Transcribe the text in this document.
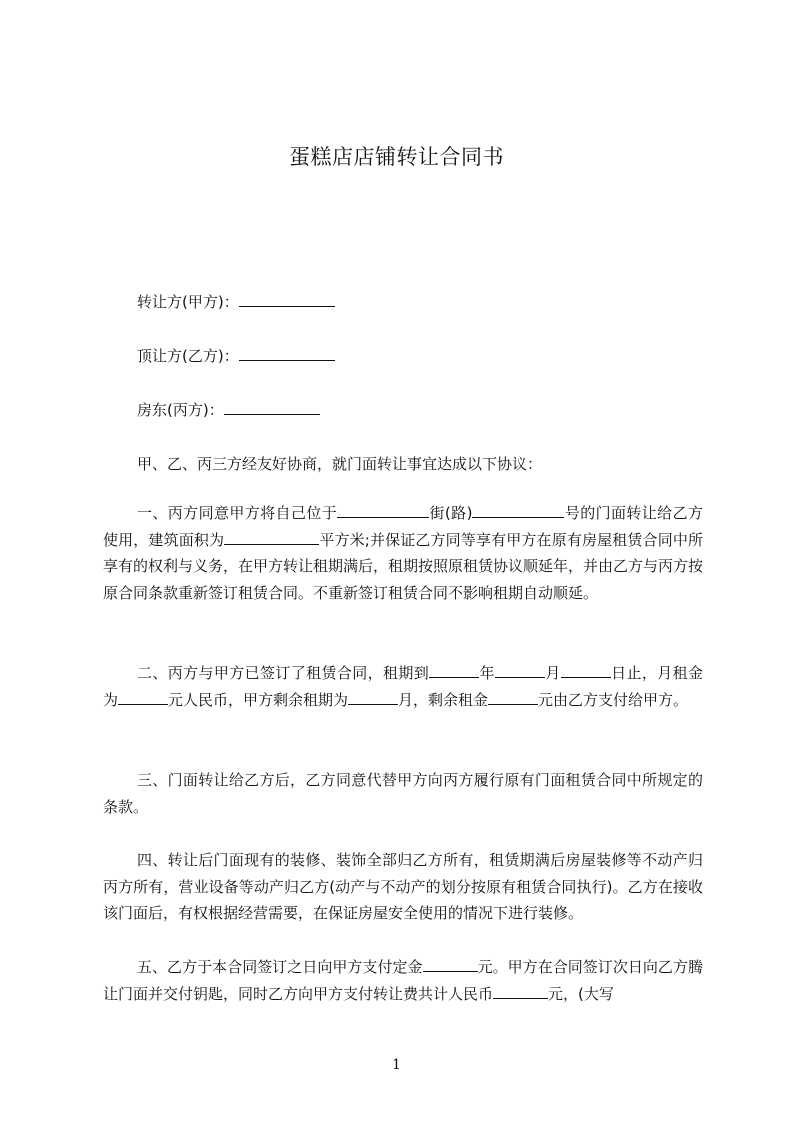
蛋糕店店铺转让合同书
转让方(甲方)：
顶让方(乙方)：
房东(丙方)：
甲、乙、丙三方经友好协商，就门面转让事宜达成以下协议：
一、丙方同意甲方将自己位于	街(路)	号的门面转让给乙方使用，建筑面积为	平方米;并保证乙方同等享有甲方在原有房屋租赁合同中所享有的权利与义务，在甲方转让租期满后，租期按照原租赁协议顺延年，并由乙方与丙方按原合同条款重新签订租赁合同。不重新签订租赁合同不影响租期自动顺延。
二、丙方与甲方已签订了租赁合同，租期到	年	月	日止，月租金为	元人民币，甲方剩余租期为	月，剩余租金	元由乙方支付给甲方。
三、门面转让给乙方后，乙方同意代替甲方向丙方履行原有门面租赁合同中所规定的条款。
四、转让后门面现有的装修、装饰全部归乙方所有，租赁期满后房屋装修等不动产归丙方所有，营业设备等动产归乙方(动产与不动产的划分按原有租赁合同执行)。乙方在接收该门面后，有权根据经营需要，在保证房屋安全使用的情况下进行装修。
五、乙方于本合同签订之日向甲方支付定金	元。甲方在合同签订次日向乙方腾让门面并交付钥匙，同时乙方向甲方支付转让费共计人民币	元，(大写
1
